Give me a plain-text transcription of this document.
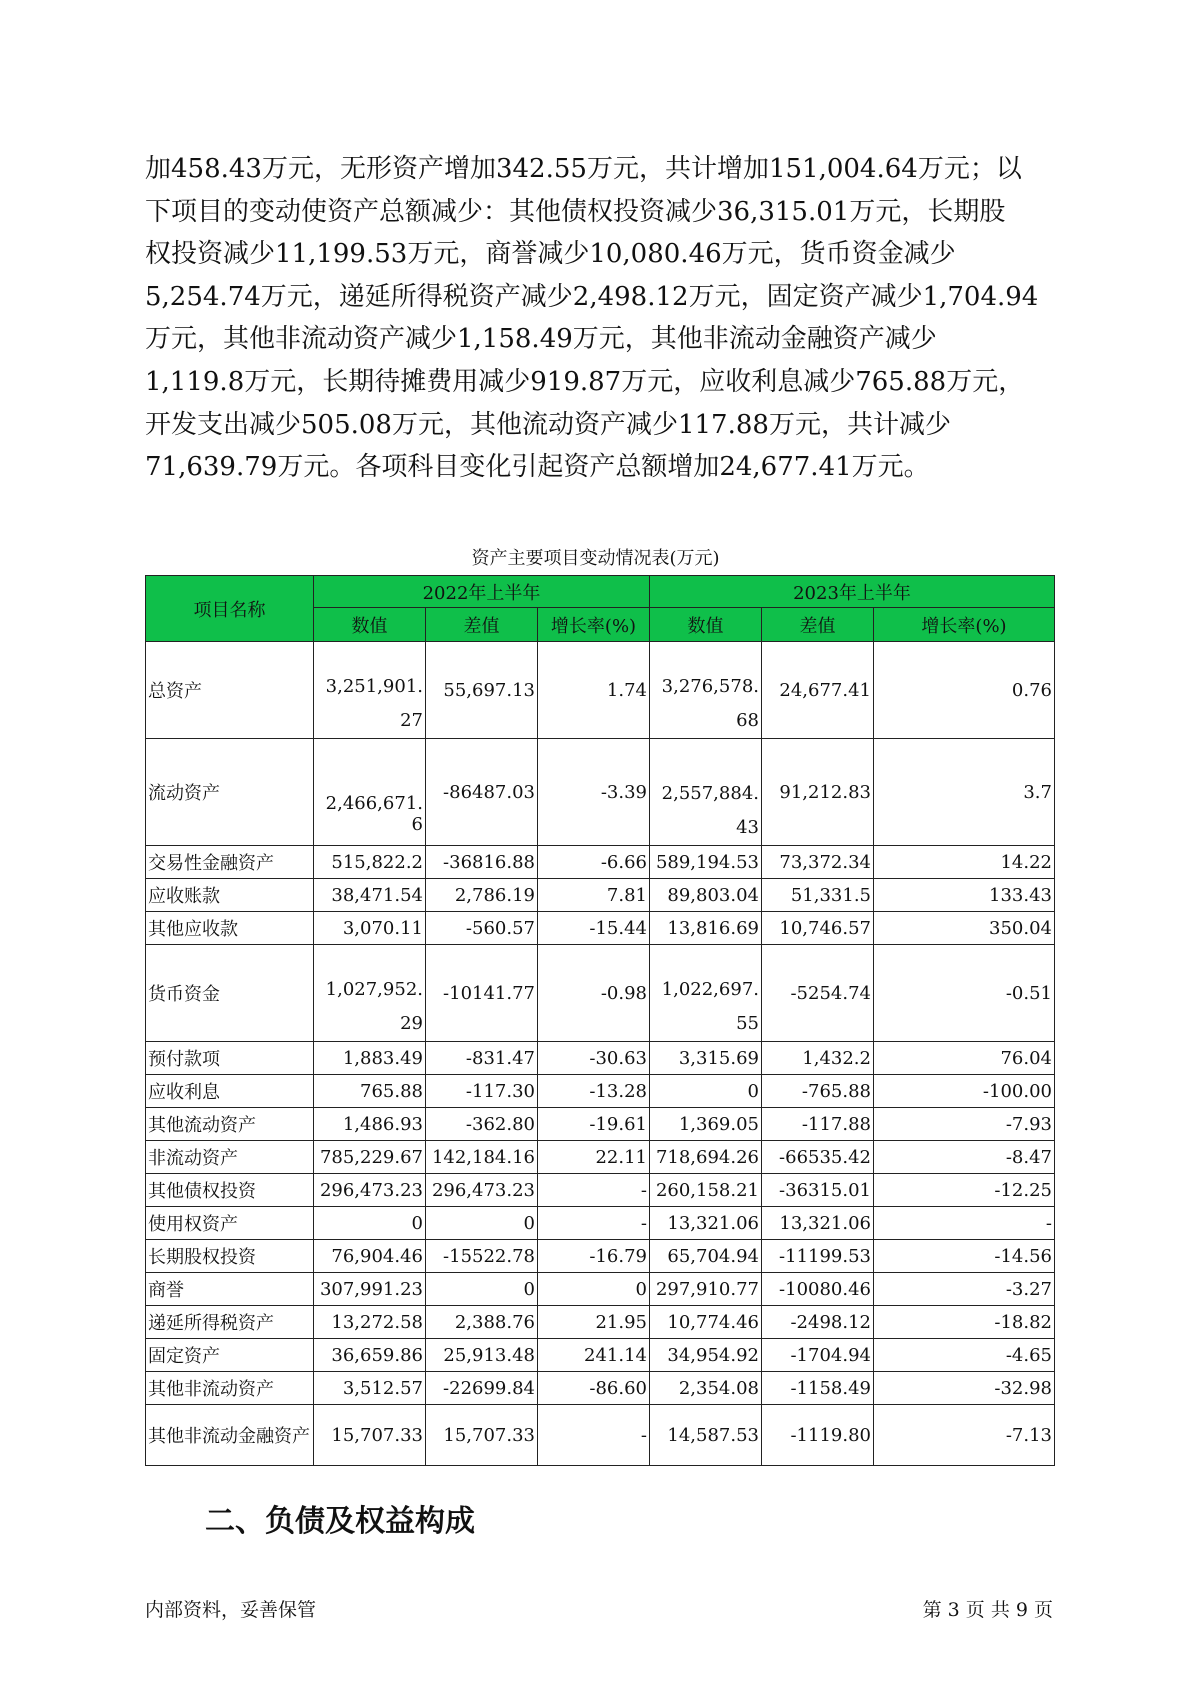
加458.43万元，无形资产增加342.55万元，共计增加151,004.64万元；以
下项目的变动使资产总额减少：其他债权投资减少36,315.01万元，长期股
权投资减少11,199.53万元，商誉减少10,080.46万元，货币资金减少
5,254.74万元，递延所得税资产减少2,498.12万元，固定资产减少1,704.94
万元，其他非流动资产减少1,158.49万元，其他非流动金融资产减少
1,119.8万元，长期待摊费用减少919.87万元，应收利息减少765.88万元，
开发支出减少505.08万元，其他流动资产减少117.88万元，共计减少
71,639.79万元。各项科目变化引起资产总额增加24,677.41万元。
资产主要项目变动情况表(万元)
项目名称	2022年上半年			2023年上半年		
	数值	差值	增长率(%)	数值	差值	增长率(%)
总资产	3,251,901.27	55,697.13	1.74	3,276,578.68	24,677.41	0.76
流动资产	2,466,671.6	-86487.03	-3.39	2,557,884.43	91,212.83	3.7
交易性金融资产	515,822.2	-36816.88	-6.66	589,194.53	73,372.34	14.22
应收账款	38,471.54	2,786.19	7.81	89,803.04	51,331.5	133.43
其他应收款	3,070.11	-560.57	-15.44	13,816.69	10,746.57	350.04
货币资金	1,027,952.29	-10141.77	-0.98	1,022,697.55	-5254.74	-0.51
预付款项	1,883.49	-831.47	-30.63	3,315.69	1,432.2	76.04
应收利息	765.88	-117.30	-13.28	0	-765.88	-100.00
其他流动资产	1,486.93	-362.80	-19.61	1,369.05	-117.88	-7.93
非流动资产	785,229.67	142,184.16	22.11	718,694.26	-66535.42	-8.47
其他债权投资	296,473.23	296,473.23	-	260,158.21	-36315.01	-12.25
使用权资产	0	0	-	13,321.06	13,321.06	-
长期股权投资	76,904.46	-15522.78	-16.79	65,704.94	-11199.53	-14.56
商誉	307,991.23	0	0	297,910.77	-10080.46	-3.27
递延所得税资产	13,272.58	2,388.76	21.95	10,774.46	-2498.12	-18.82
固定资产	36,659.86	25,913.48	241.14	34,954.92	-1704.94	-4.65
其他非流动资产	3,512.57	-22699.84	-86.60	2,354.08	-1158.49	-32.98
其他非流动金融资产	15,707.33	15,707.33	-	14,587.53	-1119.80	-7.13
二、负债及权益构成
内部资料，妥善保管	第 3 页 共 9 页
